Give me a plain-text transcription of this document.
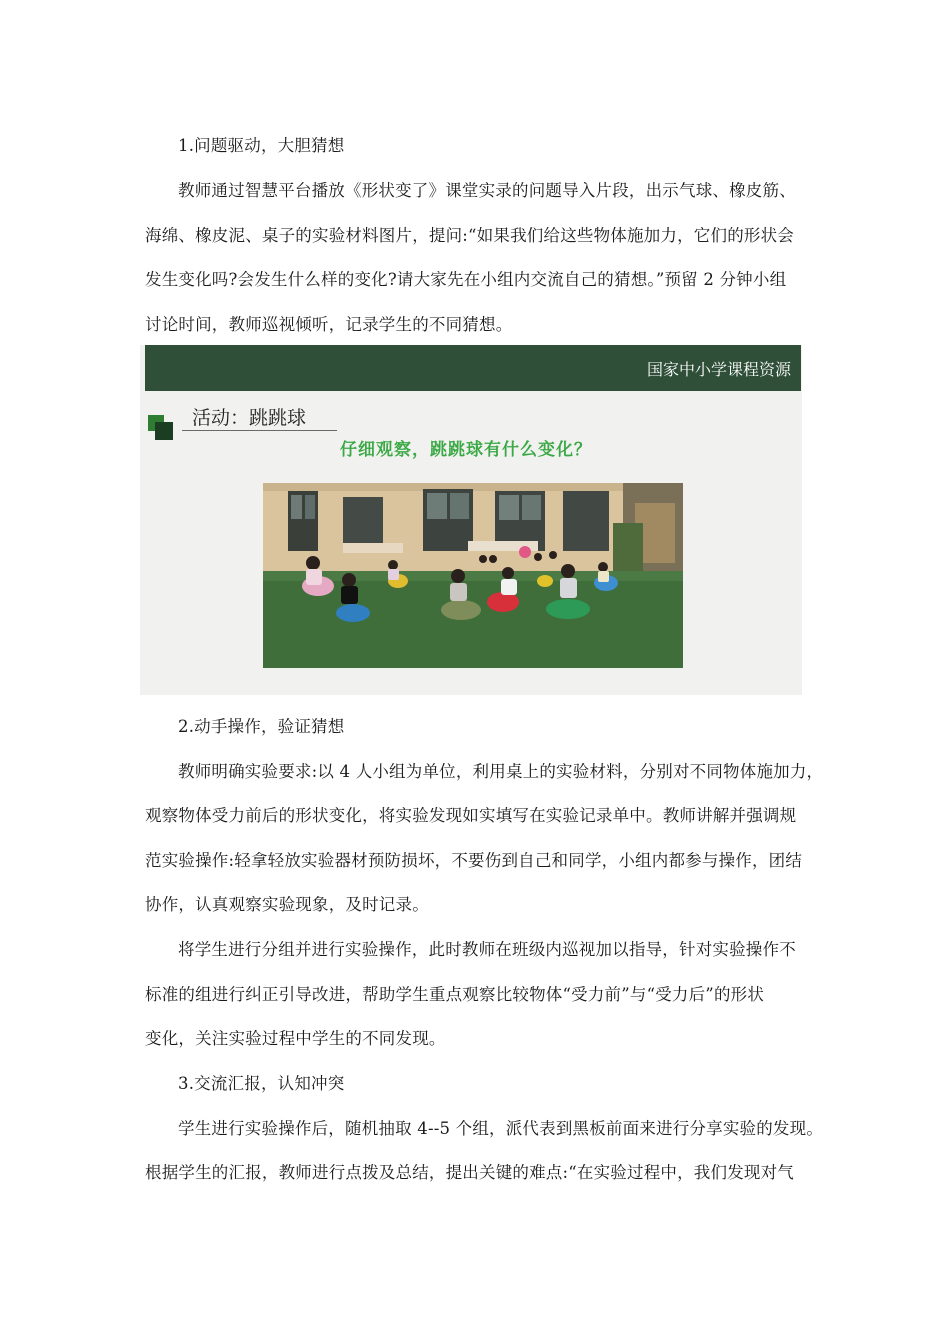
1.问题驱动，大胆猜想
教师通过智慧平台播放《形状变了》课堂实录的问题导入片段，出示气球、橡皮筋、
海绵、橡皮泥、桌子的实验材料图片，提问:“如果我们给这些物体施加力，它们的形状会
发生变化吗?会发生什么样的变化?请大家先在小组内交流自己的猜想。”预留 2 分钟小组
讨论时间，教师巡视倾听，记录学生的不同猜想。
国家中小学课程资源
活动：跳跳球
仔细观察，跳跳球有什么变化？
2.动手操作，验证猜想
教师明确实验要求:以 4 人小组为单位，利用桌上的实验材料，分别对不同物体施加力，
观察物体受力前后的形状变化，将实验发现如实填写在实验记录单中。教师讲解并强调规
范实验操作:轻拿轻放实验器材预防损坏，不要伤到自己和同学，小组内都参与操作，团结
协作，认真观察实验现象，及时记录。
将学生进行分组并进行实验操作，此时教师在班级内巡视加以指导，针对实验操作不
标准的组进行纠正引导改进，帮助学生重点观察比较物体“受力前”与“受力后”的形状
变化，关注实验过程中学生的不同发现。
3.交流汇报，认知冲突
学生进行实验操作后，随机抽取 4--5 个组，派代表到黑板前面来进行分享实验的发现。
根据学生的汇报，教师进行点拨及总结，提出关键的难点:“在实验过程中，我们发现对气
